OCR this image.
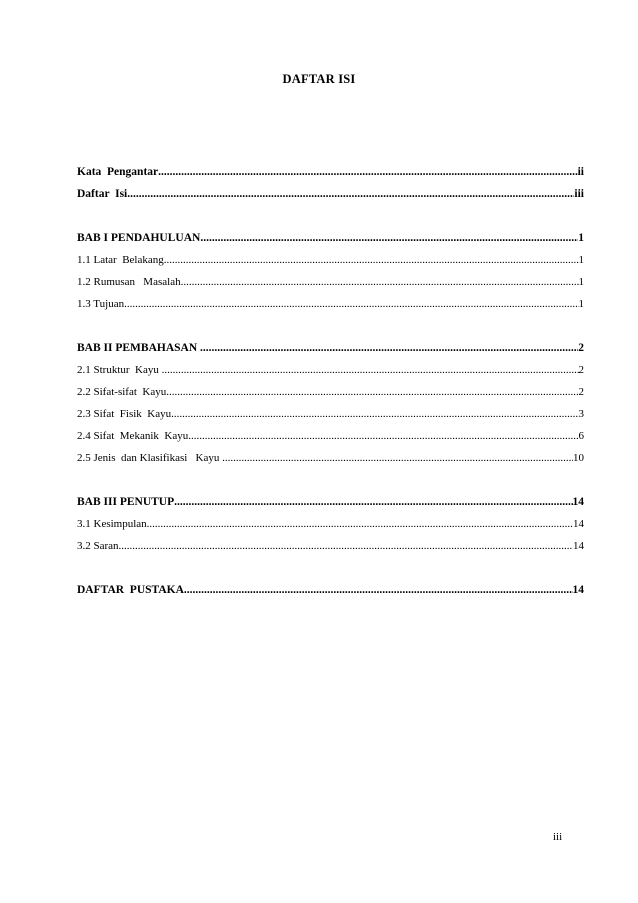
DAFTAR ISI
Kata  Pengantar .....	ii
Daftar  Isi .....	iii
BAB I PENDAHULUAN .....	1
1.1 Latar  Belakang .....	1
1.2 Rumusan   Masalah .....	1
1.3 Tujuan .....	1
BAB II PEMBAHASAN .....	2
2.1 Struktur  Kayu .....	2
2.2 Sifat-sifat  Kayu .....	2
2.3 Sifat  Fisik  Kayu .....	3
2.4 Sifat  Mekanik  Kayu .....	6
2.5 Jenis  dan Klasifikasi   Kayu .....	10
BAB III PENUTUP .....	14
3.1 Kesimpulan .....	14
3.2 Saran .....	14
DAFTAR  PUSTAKA .....	14
iii
